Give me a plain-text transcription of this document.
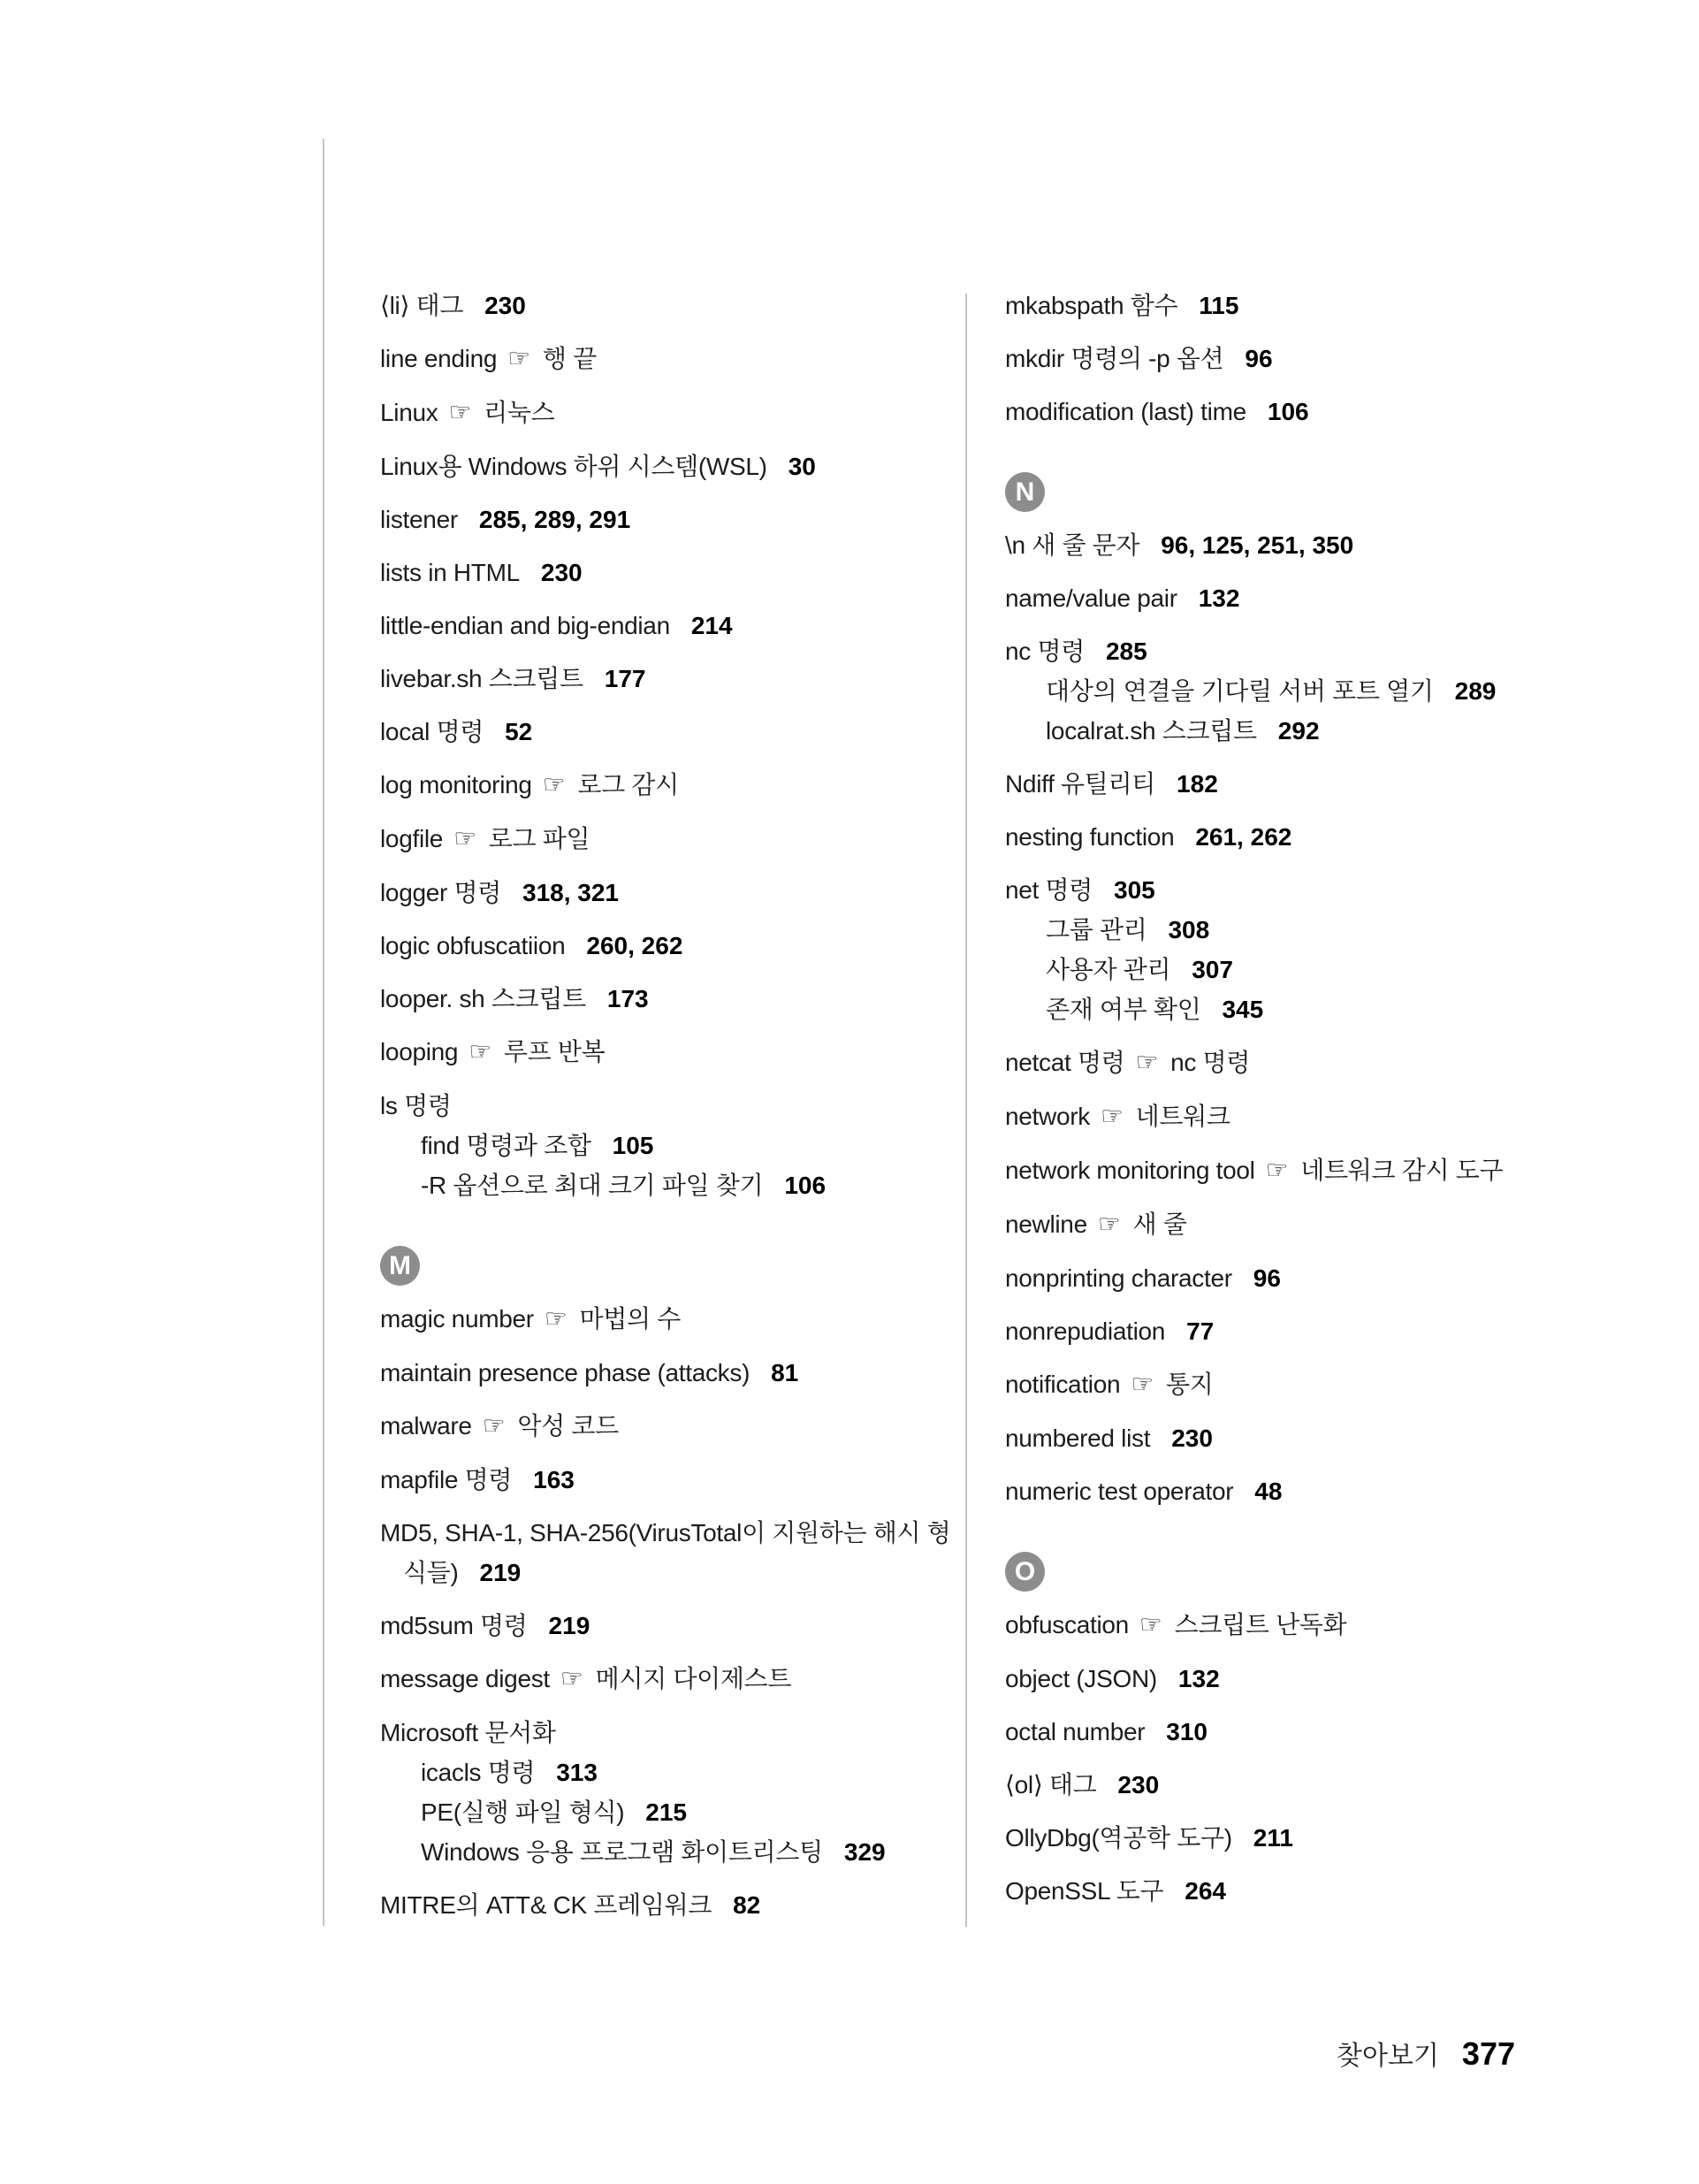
⟨li⟩ 태그 230
line ending ☞ 행 끝
Linux ☞ 리눅스
Linux용 Windows 하위 시스템(WSL) 30
listener 285, 289, 291
lists in HTML 230
little-endian and big-endian 214
livebar.sh 스크립트 177
local 명령 52
log monitoring ☞ 로그 감시
logfile ☞ 로그 파일
logger 명령 318, 321
logic obfuscatiion 260, 262
looper. sh 스크립트 173
looping ☞ 루프 반복
ls 명령
find 명령과 조합 105
-R 옵션으로 최대 크기 파일 찾기 106
M
magic number ☞ 마법의 수
maintain presence phase (attacks) 81
malware ☞ 악성 코드
mapfile 명령 163
MD5, SHA-1, SHA-256(VirusTotal이 지원하는 해시 형식들) 219
md5sum 명령 219
message digest ☞ 메시지 다이제스트
Microsoft 문서화
icacls 명령 313
PE(실행 파일 형식) 215
Windows 응용 프로그램 화이트리스팅 329
MITRE의 ATT& CK 프레임워크 82
mkabspath 함수 115
mkdir 명령의 -p 옵션 96
modification (last) time 106
N
\n 새 줄 문자 96, 125, 251, 350
name/value pair 132
nc 명령 285
대상의 연결을 기다릴 서버 포트 열기 289
localrat.sh 스크립트 292
Ndiff 유틸리티 182
nesting function 261, 262
net 명령 305
그룹 관리 308
사용자 관리 307
존재 여부 확인 345
netcat 명령 ☞ nc 명령
network ☞ 네트워크
network monitoring tool ☞ 네트워크 감시 도구
newline ☞ 새 줄
nonprinting character 96
nonrepudiation 77
notification ☞ 통지
numbered list 230
numeric test operator 48
O
obfuscation ☞ 스크립트 난독화
object (JSON) 132
octal number 310
⟨ol⟩ 태그 230
OllyDbg(역공학 도구) 211
OpenSSL 도구 264
찾아보기 377
